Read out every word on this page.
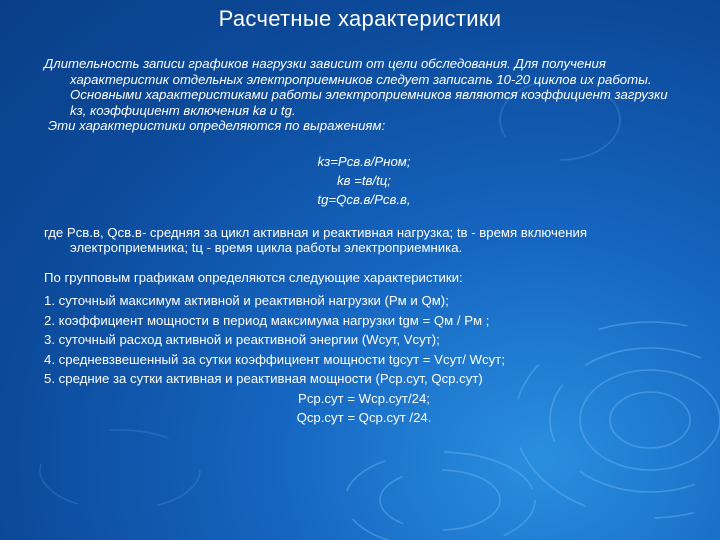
Расчетные характеристики

Длительность записи графиков нагрузки зависит от цели обследования. Для получения характеристик отдельных электроприемников следует записать 10-20 циклов их работы. Основными характеристиками работы электроприемников являются коэффициент загрузки kз, коэффициент включения kв и tg.

Эти характеристики определяются по выражениям:

kз=Pсв.в/Pном;
kв =tв/tц;
tg=Qсв.в/Pсв.в,

где Pсв.в, Qсв.в- средняя за цикл активная и реактивная нагрузка; tв - время включения электроприемника; tц - время цикла работы электроприемника.

По групповым графикам определяются следующие характеристики:

1. суточный максимум активной и реактивной нагрузки (Pм и Qм);

2. коэффициент мощности в период максимума нагрузки tgм = Qм / Pм ;

3. суточный расход активной и реактивной энергии (Wсут, Vсут);

4. средневзвешенный за сутки коэффициент мощности tgсут = Vсут/ Wсут;

5. средние за сутки активная и реактивная мощности (Pср.сут, Qср.сут)

Pср.сут = Wср.сут/24;
Qср.сут = Qср.сут /24.
